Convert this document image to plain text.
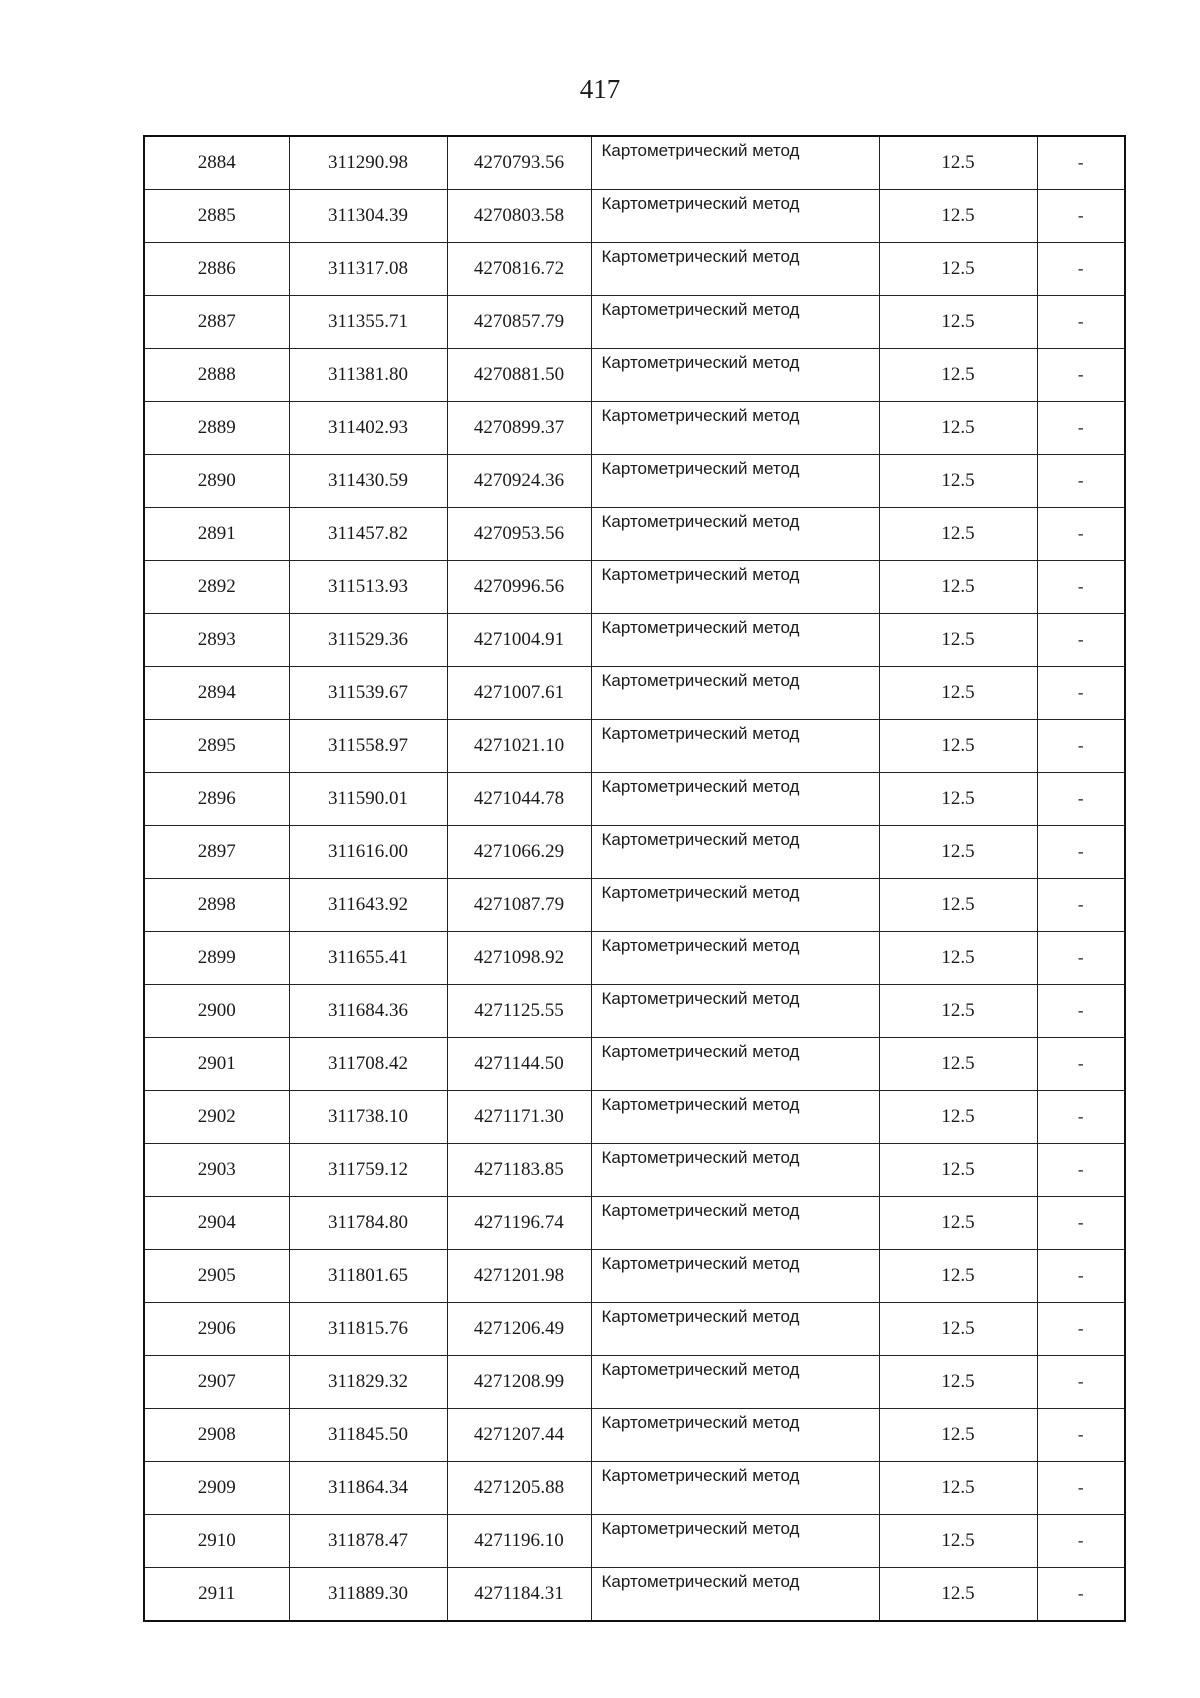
417
2884	311290.98	4270793.56	Картометрический метод	12.5	-
2885	311304.39	4270803.58	Картометрический метод	12.5	-
2886	311317.08	4270816.72	Картометрический метод	12.5	-
2887	311355.71	4270857.79	Картометрический метод	12.5	-
2888	311381.80	4270881.50	Картометрический метод	12.5	-
2889	311402.93	4270899.37	Картометрический метод	12.5	-
2890	311430.59	4270924.36	Картометрический метод	12.5	-
2891	311457.82	4270953.56	Картометрический метод	12.5	-
2892	311513.93	4270996.56	Картометрический метод	12.5	-
2893	311529.36	4271004.91	Картометрический метод	12.5	-
2894	311539.67	4271007.61	Картометрический метод	12.5	-
2895	311558.97	4271021.10	Картометрический метод	12.5	-
2896	311590.01	4271044.78	Картометрический метод	12.5	-
2897	311616.00	4271066.29	Картометрический метод	12.5	-
2898	311643.92	4271087.79	Картометрический метод	12.5	-
2899	311655.41	4271098.92	Картометрический метод	12.5	-
2900	311684.36	4271125.55	Картометрический метод	12.5	-
2901	311708.42	4271144.50	Картометрический метод	12.5	-
2902	311738.10	4271171.30	Картометрический метод	12.5	-
2903	311759.12	4271183.85	Картометрический метод	12.5	-
2904	311784.80	4271196.74	Картометрический метод	12.5	-
2905	311801.65	4271201.98	Картометрический метод	12.5	-
2906	311815.76	4271206.49	Картометрический метод	12.5	-
2907	311829.32	4271208.99	Картометрический метод	12.5	-
2908	311845.50	4271207.44	Картометрический метод	12.5	-
2909	311864.34	4271205.88	Картометрический метод	12.5	-
2910	311878.47	4271196.10	Картометрический метод	12.5	-
2911	311889.30	4271184.31	Картометрический метод	12.5	-
